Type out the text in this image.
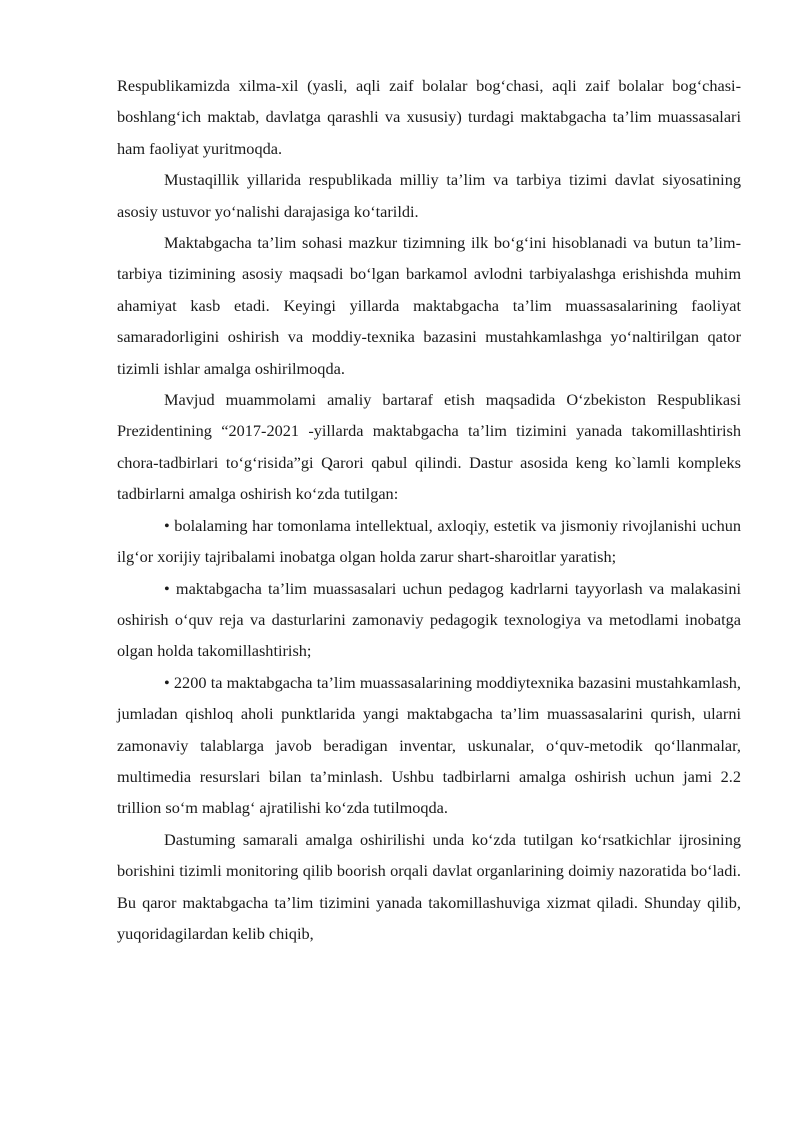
Respublikamizda xilma-xil (yasli, aqli zaif bolalar bog‘chasi, aqli zaif bolalar bog‘chasi-boshlang‘ich maktab, davlatga qarashli va xususiy) turdagi maktabgacha ta’lim muassasalari ham faoliyat yuritmoqda.

Mustaqillik yillarida respublikada milliy ta’lim va tarbiya tizimi davlat siyosatining asosiy ustuvor yo‘nalishi darajasiga ko‘tarildi.

Maktabgacha ta’lim sohasi mazkur tizimning ilk bo‘g‘ini hisoblanadi va butun ta’lim-tarbiya tizimining asosiy maqsadi bo‘lgan barkamol avlodni tarbiyalashga erishishda muhim ahamiyat kasb etadi. Keyingi yillarda maktabgacha ta’lim muassasalarining faoliyat samaradorligini oshirish va moddiy-texnika bazasini mustahkamlashga yo‘naltirilgan qator tizimli ishlar amalga oshirilmoqda.

Mavjud muammolami amaliy bartaraf etish maqsadida O‘zbekiston Respublikasi Prezidentining “2017-2021 -yillarda maktabgacha ta’lim tizimini yanada takomillashtirish chora-tadbirlari to‘g‘risida”gi Qarori qabul qilindi. Dastur asosida keng ko`lamli kompleks tadbirlarni amalga oshirish ko‘zda tutilgan:

• bolalaming har tomonlama intellektual, axloqiy, estetik va jismoniy rivojlanishi uchun ilg‘or xorijiy tajribalami inobatga olgan holda zarur shart-sharoitlar yaratish;

• maktabgacha ta’lim muassasalari uchun pedagog kadrlarni tayyorlash va malakasini oshirish o‘quv reja va dasturlarini zamonaviy pedagogik texnologiya va metodlami inobatga olgan holda takomillashtirish;

• 2200 ta maktabgacha ta’lim muassasalarining moddiytexnika bazasini mustahkamlash, jumladan qishloq aholi punktlarida yangi maktabgacha ta’lim muassasalarini qurish, ularni zamonaviy talablarga javob beradigan inventar, uskunalar, o‘quv-metodik qo‘llanmalar, multimedia resurslari bilan ta’minlash. Ushbu tadbirlarni amalga oshirish uchun jami 2.2 trillion so‘m mablag‘ ajratilishi ko‘zda tutilmoqda.

Dastuming samarali amalga oshirilishi unda ko‘zda tutilgan ko‘rsatkichlar ijrosining borishini tizimli monitoring qilib boorish orqali davlat organlarining doimiy nazoratida bo‘ladi. Bu qaror maktabgacha ta’lim tizimini yanada takomillashuviga xizmat qiladi. Shunday qilib, yuqoridagilardan kelib chiqib,
